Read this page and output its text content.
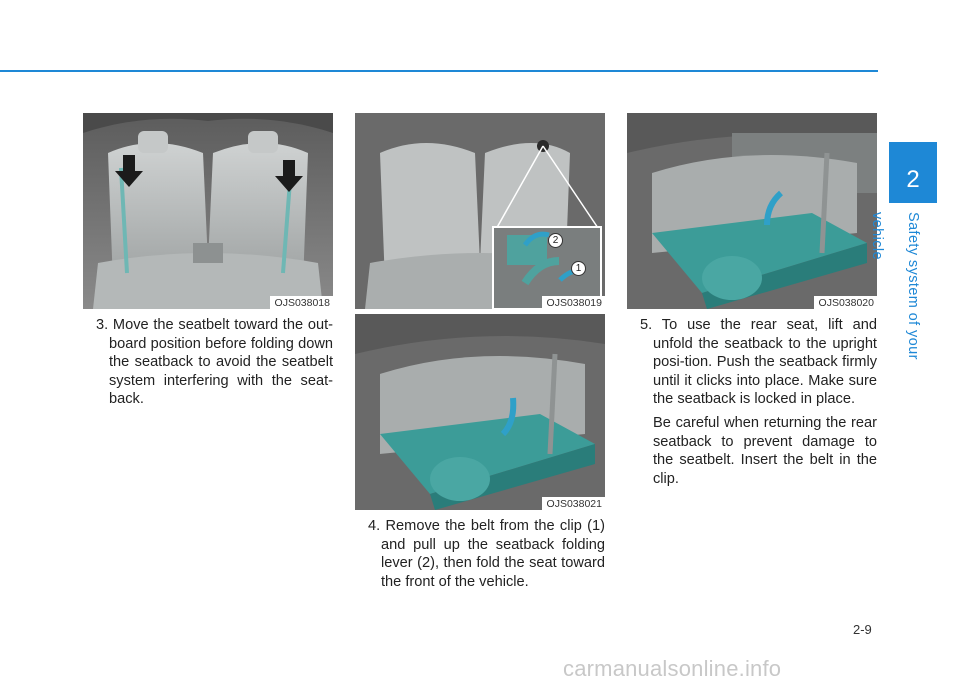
OJS038018
2
1
OJS038019
OJS038021
OJS038020
3. Move the seatbelt toward the out-board position before folding down the seatback to avoid the seatbelt system interfering with the seat-back.
4. Remove the belt from the clip (1) and pull up the seatback folding lever (2), then fold the seat toward the front of the vehicle.
5. To use the rear seat, lift and unfold the seatback to the upright posi-tion. Push the seatback firmly until it clicks into place. Make sure the seatback is locked in place.
Be careful when returning the rear seatback to prevent damage to the seatbelt. Insert the belt in the clip.
2
Safety system of your vehicle
2-9
carmanualsonline.info
